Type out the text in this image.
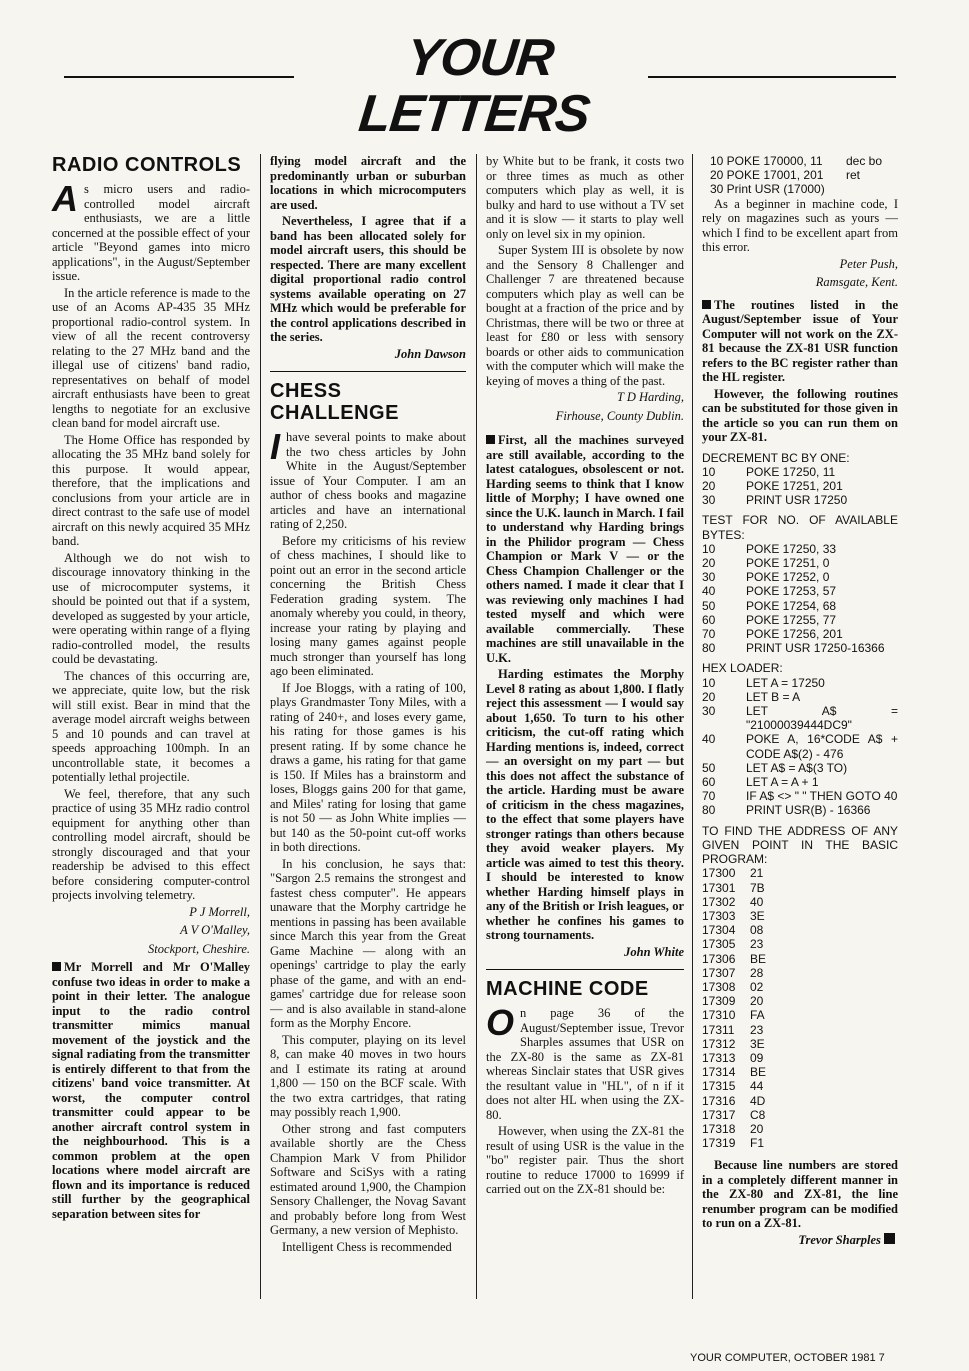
YOUR LETTERS
RADIO CONTROLS

As micro users and radio-controlled model aircraft enthusiasts, we are a little concerned at the possible effect of your article "Beyond games into micro applications", in the August/September issue.

In the article reference is made to the use of an Acoms AP-435 35 MHz proportional radio-control system. In view of all the recent controversy relating to the 27 MHz band and the illegal use of citizens' band radio, representatives on behalf of model aircraft enthusiasts have been to great lengths to negotiate for an exclusive clean band for model aircraft use.

The Home Office has responded by allocating the 35 MHz band solely for this purpose. It would appear, therefore, that the implications and conclusions from your article are in direct contrast to the safe use of model aircraft on this newly acquired 35 MHz band.

Although we do not wish to discourage innovatory thinking in the use of microcomputer systems, it should be pointed out that if a system, developed as suggested by your article, were operating within range of a flying radio-controlled model, the results could be devastating.

The chances of this occurring are, we appreciate, quite low, but the risk will still exist. Bear in mind that the average model aircraft weighs between 5 and 10 pounds and can travel at speeds approaching 100mph. In an uncontrollable state, it becomes a potentially lethal projectile.

We feel, therefore, that any such practice of using 35 MHz radio control equipment for anything other than controlling model aircraft, should be strongly discouraged and that your readership be advised to this effect before considering computer-control projects involving telemetry.

P J Morrell,
A V O'Malley,
Stockport, Cheshire.

Mr Morrell and Mr O'Malley confuse two ideas in order to make a point in their letter. The analogue input to the radio control transmitter mimics manual movement of the joystick and the signal radiating from the transmitter is entirely different to that from the citizens' band voice transmitter. At worst, the computer control transmitter could appear to be another aircraft control system in the neighbourhood. This is a common problem at the open locations where model aircraft are flown and its importance is reduced still further by the geographical separation between sites for

flying model aircraft and the predominantly urban or suburban locations in which microcomputers are used.

Nevertheless, I agree that if a band has been allocated solely for model aircraft users, this should be respected. There are many excellent digital proportional radio control systems available operating on 27 MHz which would be preferable for the control applications described in the series.

John Dawson
CHESS CHALLENGE

Ihave several points to make about the two chess articles by John White in the August/September issue of Your Computer. I am an author of chess books and magazine articles and have an international rating of 2,250.

Before my criticisms of his review of chess machines, I should like to point out an error in the second article concerning the British Chess Federation grading system. The anomaly whereby you could, in theory, increase your rating by playing and losing many games against people much stronger than yourself has long ago been eliminated.

If Joe Bloggs, with a rating of 100, plays Grandmaster Tony Miles, with a rating of 240+, and loses every game, his rating for those games is his present rating. If by some chance he draws a game, his rating for that game is 150. If Miles has a brainstorm and loses, Bloggs gains 200 for that game, and Miles' rating for losing that game is not 50 — as John White implies — but 140 as the 50-point cut-off works in both directions.

In his conclusion, he says that: "Sargon 2.5 remains the strongest and fastest chess computer". He appears unaware that the Morphy cartridge he mentions in passing has been available since March this year from the Great Game Machine — along with an openings' cartridge to play the early phase of the game, and with an end-games' cartridge due for release soon — and is also available in stand-alone form as the Morphy Encore.

This computer, playing on its level 8, can make 40 moves in two hours and I estimate its rating at around 1,800 — 150 on the BCF scale. With the two extra cartridges, that rating may possibly reach 1,900.

Other strong and fast computers available shortly are the Chess Champion Mark V from Philidor Software and SciSys with a rating estimated around 1,900, the Champion Sensory Challenger, the Novag Savant and probably before long from West Germany, a new version of Mephisto.

Intelligent Chess is recommended

by White but to be frank, it costs two or three times as much as other computers which play as well, it is bulky and hard to use without a TV set and it is slow — it starts to play well only on level six in my opinion.

Super System III is obsolete by now and the Sensory 8 Challenger and Challenger 7 are threatened because computers which play as well can be bought at a fraction of the price and by Christmas, there will be two or three at least for £80 or less with sensory boards or other aids to communication with the computer which will make the keying of moves a thing of the past.

T D Harding,
Firhouse, County Dublin.

First, all the machines surveyed are still available, according to the latest catalogues, obsolescent or not. Harding seems to think that I know little of Morphy; I have owned one since the U.K. launch in March. I fail to understand why Harding brings in the Philidor program — Chess Champion or Mark V — or the Chess Champion Challenger or the others named. I made it clear that I was reviewing only machines I had tested myself and which were available commercially. These machines are still unavailable in the U.K.

Harding estimates the Morphy Level 8 rating as about 1,800. I flatly reject this assessment — I would say about 1,650. To turn to his other criticism, the cut-off rating which Harding mentions is, indeed, correct — an oversight on my part — but this does not affect the substance of the article. Harding must be aware of criticism in the chess magazines, to the effect that some players have stronger ratings than others because they avoid weaker players. My article was aimed to test this theory. I should be interested to know whether Harding himself plays in any of the British or Irish leagues, or whether he confines his games to strong tournaments.

John White
MACHINE CODE

On page 36 of the August/September issue, Trevor Sharples assumes that USR on the ZX-80 is the same as ZX-81 whereas Sinclair states that USR gives the resultant value in "HL", of n if it does not alter HL when using the ZX-80.

However, when using the ZX-81 the result of using USR is the value in the "bo" register pair. Thus the short routine to reduce 17000 to 16999 if carried out on the ZX-81 should be:

10 POKE 170000, 11	dec bo
20 POKE 17001, 201	ret
30 Print USR (17000)

As a beginner in machine code, I rely on magazines such as yours — which I find to be excellent apart from this error.

Peter Push,
Ramsgate, Kent.

The routines listed in the August/September issue of Your Computer will not work on the ZX-81 because the ZX-81 USR function refers to the BC register rather than the HL register.

However, the following routines can be substituted for those given in the article so you can run them on your ZX-81.

DECREMENT BC BY ONE:
10	POKE 17250, 11
20	POKE 17251, 201
30	PRINT USR 17250
TEST FOR NO. OF AVAILABLE BYTES:
10	POKE 17250, 33
20	POKE 17251, 0
30	POKE 17252, 0
40	POKE 17253, 57
50	POKE 17254, 68
60	POKE 17255, 77
70	POKE 17256, 201
80	PRINT USR 17250-16366
HEX LOADER:
10	LET A = 17250
20	LET B = A
30	LET A$ = "21000039444DC9"
40	POKE A, 16*CODE A$ + CODE A$(2) - 476
50	LET A$ = A$(3 TO)
60	LET A = A + 1
70	IF A$ <> " " THEN GOTO 40
80	PRINT USR(B) - 16366
TO FIND THE ADDRESS OF ANY GIVEN POINT IN THE BASIC PROGRAM:
17300	21
17301	7B
17302	40
17303	3E
17304	08
17305	23
17306	BE
17307	28
17308	02
17309	20
17310	FA
17311	23
17312	3E
17313	09
17314	BE
17315	44
17316	4D
17317	C8
17318	20
17319	F1

Because line numbers are stored in a completely different manner in the ZX-80 and ZX-81, the line renumber program can be modified to run on a ZX-81.

Trevor Sharples
YOUR COMPUTER, OCTOBER 1981 7
